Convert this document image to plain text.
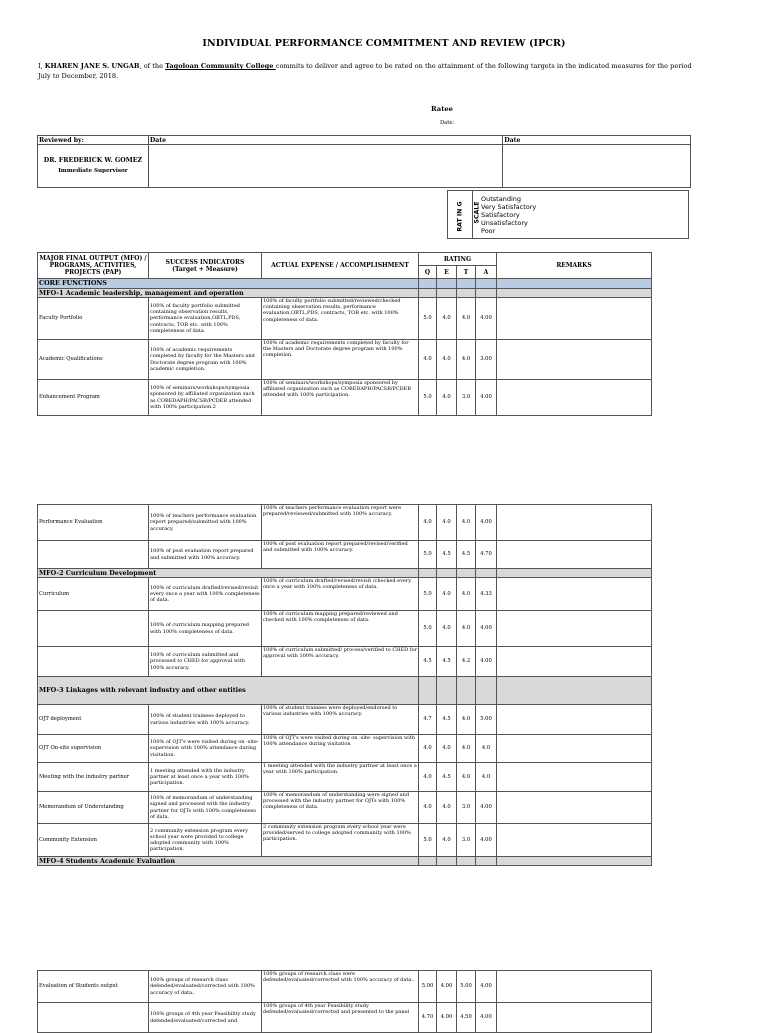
INDIVIDUAL PERFORMANCE COMMITMENT AND REVIEW (IPCR)
I, KHAREN JANE S. UNGAB, of the Tagoloan Community College commits to deliver and agree to be rated on the attainment of the following targets in the indicated measures for the period July to December, 2018.
Ratee
Date:
Reviewed by:	Date	Date

DR. FREDERICK W. GOMEZ
Immediate Supervisor		

RAT IN G SCALE
Outstanding
Very Satisfactory
Satisfactory
Unsatisfactory
Poor
MAJOR FINAL OUTPUT (MFO) / PROGRAMS, ACTIVITIES, PROJECTS (PAP)	SUCCESS INDICATORS
(Target + Measure)	ACTUAL EXPENSE / ACCOMPLISHMENT	RATING				REMARKS
			Q	E	T	A	
CORE FUNCTIONS							
MFO-1 Academic leadership, management and operation							
Faculty Portfolio	100% of faculty portfolio submitted containing observation results, performance evaluation,OBTL,PDS, contracts, TOR etc. with 100% completeness of data.	100% of faculty portfolio submitted/reviewed/checked containing observation results, performance evaluation,OBTL,PDS, contracts, TOR etc. with 100% completeness of data.	5.0	4.0	4.0	4.00	
Academic Qualifications	100% of academic requirements completed by faculty for the Masters and Doctorate degree program with 100% academic completion.	100% of academic requirements completed by faculty for the Masters and Doctorate degree program with 100% completion.	4.0	4.0	4.0	3.00	
Enhancement Program	100% of seminars/workshops/symposia sponsored by affiliated organization such as COBEDAPH/PACSB/PCDEB attended with 100% participation.2	100% of seminars/workshops/symposia sponsored by affiliated organization such as COBEDAPH/PACSB/PCDEB attended with 100% participation.	5.0	4.0	3.0	4.00	
Performance Evaluation	100% of teachers performance evaluation report prepared/submitted with 100% accuracy.	100% of teachers performance evaluation report were prepared/reviewed/submitted with 100% accuracy.	4.0	4.0	4.0	4.00	
	100% of post evaluation report prepared and submitted with 100% accuracy.	100% of post evaluation report prepared/revised/verified and submitted with 100% accuracy.	5.0	4.5	4.5	4.70	
MFO-2 Curriculum Development							
Curriculum	100% of curriculum drafted/revised/revisit every once a year with 100% completeness of data.	100% of curriculum drafted/revised/revisit /checked every once a year with 100% completeness of data.	5.0	4.0	4.0	4.33	
	100% of curriculum mapping prepared with 100% completeness of data.	100% of curriculum mapping prepared/reviewed and checked with 100% completeness of data.	5.0	4.0	4.0	4.00	
	100% of curriculum submitted and processed to CHED for approval with 100% accuracy.	100% of curriculum submitted/ process/verified to CHED for approval with 100% accuracy.	4.5	4.5	4.2	4.00	
MFO-3 Linkages with relevant industry and other entities							
OJT deployment	100% of student trainees deployed to various industries with 100% accuracy.	100% of student trainees were deployed/endorsed to various industries with 100% accuracy.	4.7	4.5	4.0	5.00	
OJT On-site supervision	100% of OJT's were visited during on -site- supervision with 100% attendance during visitation.	100% of OJT's were visited during on -site- supervision with 100% attendance during visitation	4.0	4.0	4.0	4.0	
Meeting with the industry partner	1 meeting attended with the industry partner at least once a year with 100% participation.	1 meeting attended with the industry partner at least once a year with 100% participation.	4.0	4.5	4.0	4.0	
Memorandum of Understanding	100% of memorandum of understanding signed and processed with the industry partner for OJTs with 100% completeness of data.	100% of memorandum of understanding were signed and processed with the industry partner for OJTs with 100% completeness of data.	4.0	4.0	3.0	4.00	
Community Extension	2 community extension program every school year were provided to college adopted community with 100% participation.	2 community extension program every school year were provided/served to college adopted community with 100% participation.	5.0	4.0	3.0	4.00	
MFO-4 Students Academic Evaluation							
Evaluation of Students output	100% groups of research class defended/evaluated/corrected with 100% accuracy of data..	100% groups of research class were defended/evaluated/corrected with 100% accuracy of data..	5.00	4.00	5.00	4.00	
	100% groups of 4th year Feasibility study defended/evaluated/corrected and	100% groups of 4th year Feasibility study defended/evaluated/corrected and presented to the panel	4.70	4.00	4.50	4.00	
